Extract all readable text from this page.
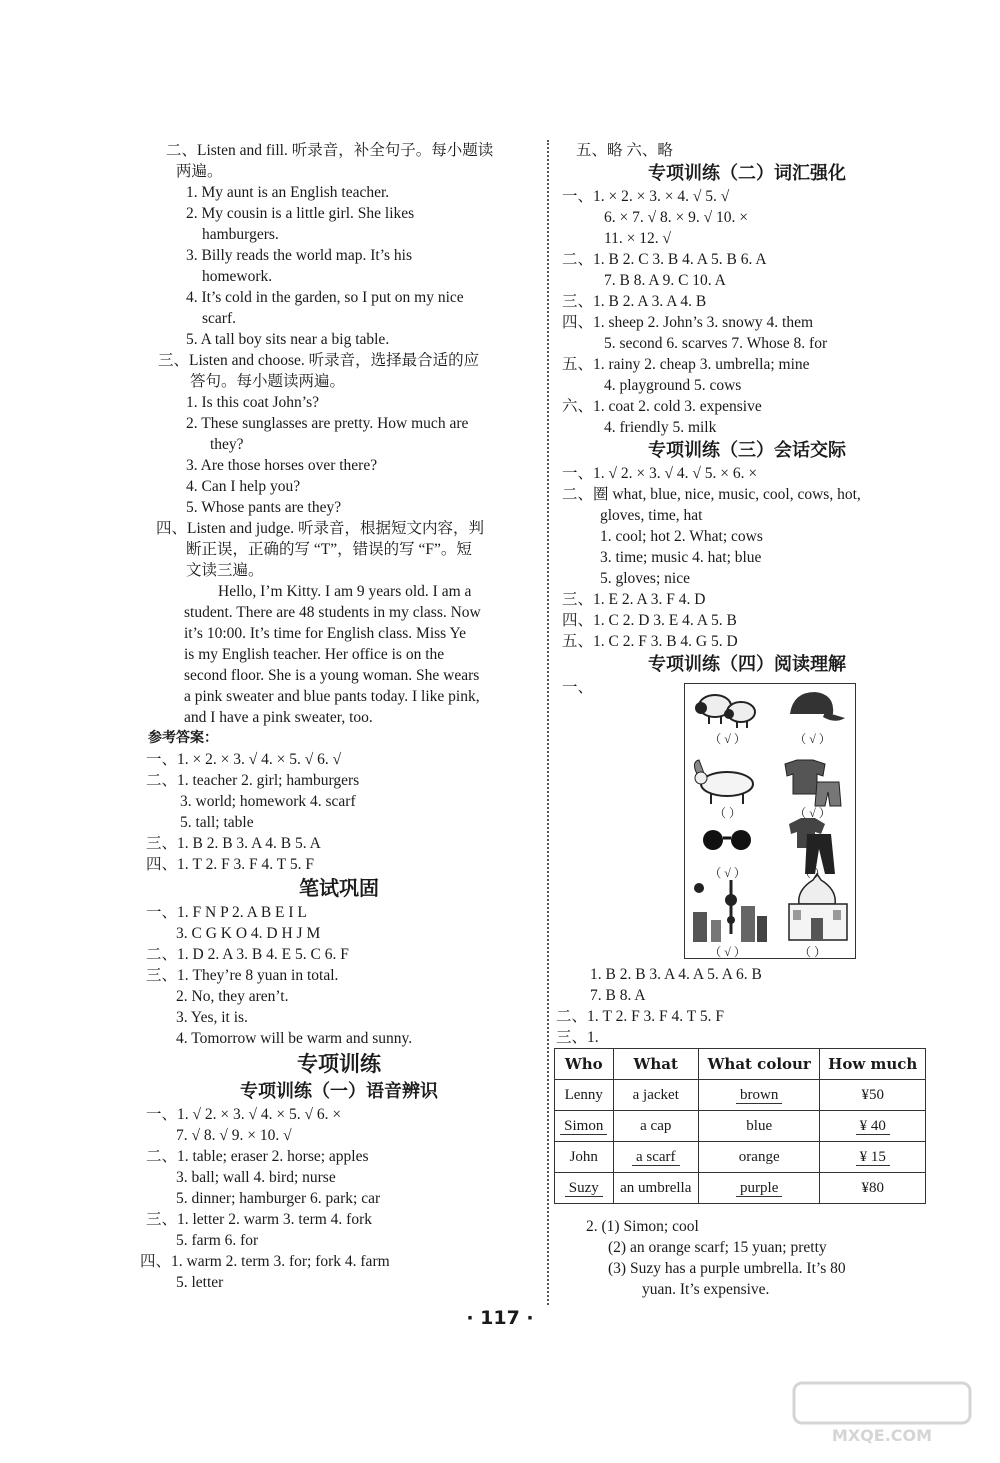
二、Listen and fill. 听录音，补全句子。每小题读
两遍。
1. My aunt is an English teacher.
2. My cousin is a little girl. She likes
hamburgers.
3. Billy reads the world map. It’s his
homework.
4. It’s cold in the garden, so I put on my nice
scarf.
5. A tall boy sits near a big table.
三、Listen and choose. 听录音，选择最合适的应
答句。每小题读两遍。
1. Is this coat John’s?
2. These sunglasses are pretty. How much are
they?
3. Are those horses over there?
4. Can I help you?
5. Whose pants are they?
四、Listen and judge. 听录音，根据短文内容，判
断正误，正确的写 “T”，错误的写 “F”。短
文读三遍。
Hello, I’m Kitty. I am 9 years old. I am a
student. There are 48 students in my class. Now
it’s 10:00. It’s time for English class. Miss Ye
is my English teacher. Her office is on the
second floor. She is a young woman. She wears
a pink sweater and blue pants today. I like pink,
and I have a pink sweater, too.
参考答案：
一、1. × 2. × 3. √ 4. × 5. √ 6. √
二、1. teacher 2. girl; hamburgers
3. world; homework 4. scarf
5. tall; table
三、1. B 2. B 3. A 4. B 5. A
四、1. T 2. F 3. F 4. T 5. F
笔试巩固
一、1. F N P 2. A B E I L
3. C G K O 4. D H J M
二、1. D 2. A 3. B 4. E 5. C 6. F
三、1. They’re 8 yuan in total.
2. No, they aren’t.
3. Yes, it is.
4. Tomorrow will be warm and sunny.
专项训练
专项训练（一）语音辨识
一、1. √ 2. × 3. √ 4. × 5. √ 6. ×
7. √ 8. √ 9. × 10. √
二、1. table; eraser 2. horse; apples
3. ball; wall 4. bird; nurse
5. dinner; hamburger 6. park; car
三、1. letter 2. warm 3. term 4. fork
5. farm 6. for
四、1. warm 2. term 3. for; fork 4. farm
5. letter
五、略 六、略
专项训练（二）词汇强化
一、1. × 2. × 3. × 4. √ 5. √
6. × 7. √ 8. × 9. √ 10. ×
11. × 12. √
二、1. B 2. C 3. B 4. A 5. B 6. A
7. B 8. A 9. C 10. A
三、1. B 2. A 3. A 4. B
四、1. sheep 2. John’s 3. snowy 4. them
5. second 6. scarves 7. Whose 8. for
五、1. rainy 2. cheap 3. umbrella; mine
4. playground 5. cows
六、1. coat 2. cold 3. expensive
4. friendly 5. milk
专项训练（三）会话交际
一、1. √ 2. × 3. √ 4. √ 5. × 6. ×
二、圈 what, blue, nice, music, cool, cows, hot,
gloves, time, hat
1. cool; hot 2. What; cows
3. time; music 4. hat; blue
5. gloves; nice
三、1. E 2. A 3. F 4. D
四、1. C 2. D 3. E 4. A 5. B
五、1. C 2. F 3. B 4. G 5. D
专项训练（四）阅读理解
一、
（ √ ）	（ √ ）
（ ）	（ √ ）
（ √ ）	（ ）
（ √ ）	（ ）
1. B 2. B 3. A 4. A 5. A 6. B
7. B 8. A
二、1. T 2. F 3. F 4. T 5. F
三、1.
Who	What	What colour	How much
Lenny	a jacket	brown	¥50
Simon	a cap	blue	¥ 40
John	a scarf	orange	¥ 15
Suzy	an umbrella	purple	¥80
2. (1) Simon; cool
(2) an orange scarf; 15 yuan; pretty
(3) Suzy has a purple umbrella. It’s 80
yuan. It’s expensive.
· 117 ·
MXQE.COM
